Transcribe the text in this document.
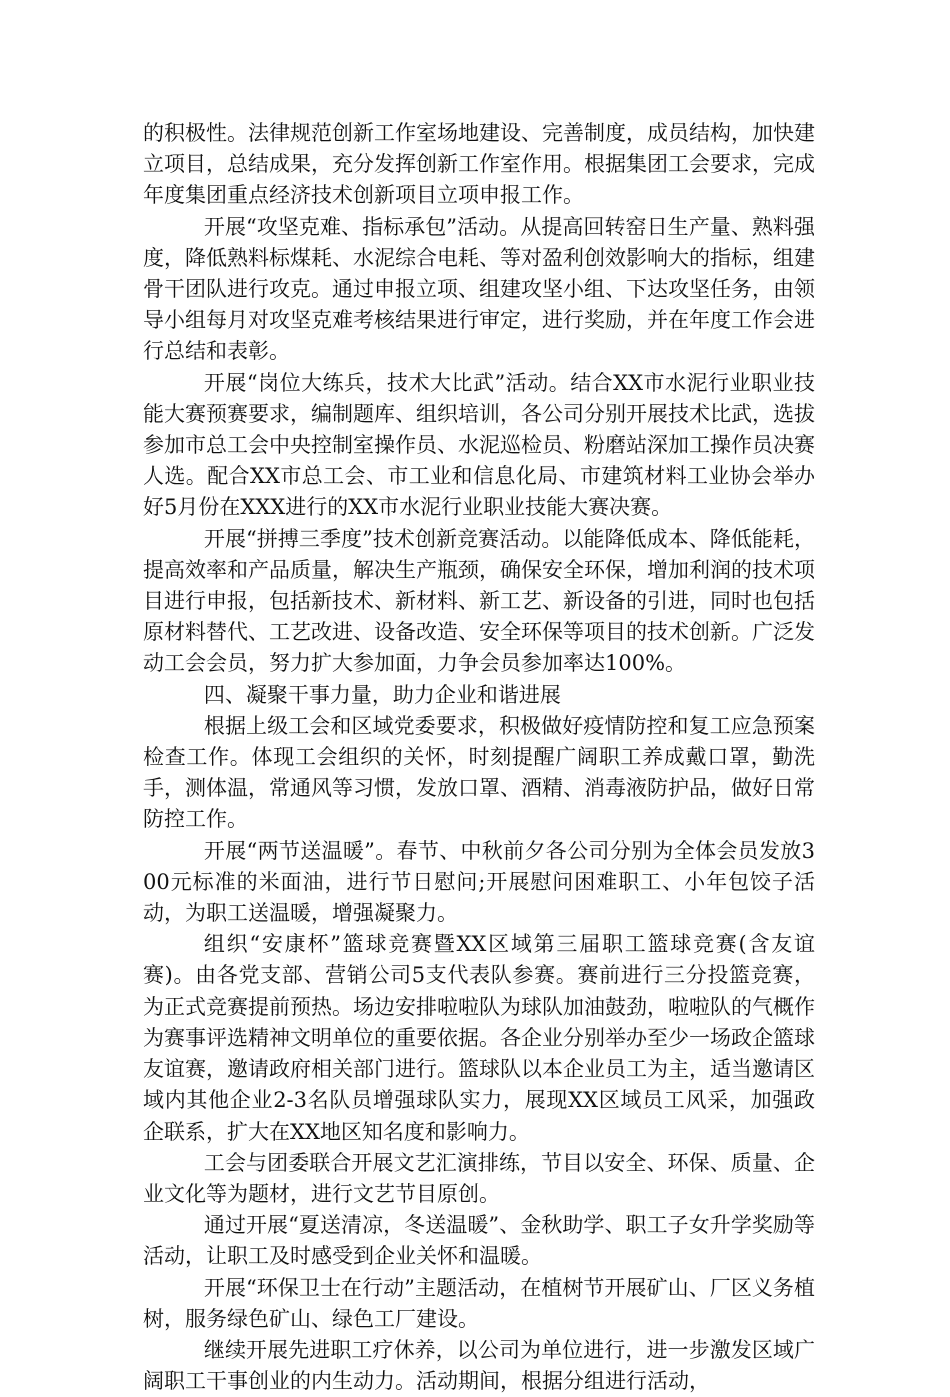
的积极性。法律规范创新工作室场地建设、完善制度，成员结构，加快建立项目，总结成果，充分发挥创新工作室作用。根据集团工会要求，完成年度集团重点经济技术创新项目立项申报工作。

开展“攻坚克难、指标承包”活动。从提高回转窑日生产量、熟料强度，降低熟料标煤耗、水泥综合电耗、等对盈利创效影响大的指标，组建骨干团队进行攻克。通过申报立项、组建攻坚小组、下达攻坚任务，由领导小组每月对攻坚克难考核结果进行审定，进行奖励，并在年度工作会进行总结和表彰。

开展“岗位大练兵，技术大比武”活动。结合XX市水泥行业职业技能大赛预赛要求，编制题库、组织培训，各公司分别开展技术比武，选拔参加市总工会中央控制室操作员、水泥巡检员、粉磨站深加工操作员决赛人选。配合XX市总工会、市工业和信息化局、市建筑材料工业协会举办好5月份在XXX进行的XX市水泥行业职业技能大赛决赛。

开展“拼搏三季度”技术创新竞赛活动。以能降低成本、降低能耗，提高效率和产品质量，解决生产瓶颈，确保安全环保，增加利润的技术项目进行申报，包括新技术、新材料、新工艺、新设备的引进，同时也包括原材料替代、工艺改进、设备改造、安全环保等项目的技术创新。广泛发动工会会员，努力扩大参加面，力争会员参加率达100%。

四、凝聚干事力量，助力企业和谐进展

根据上级工会和区域党委要求，积极做好疫情防控和复工应急预案检查工作。体现工会组织的关怀，时刻提醒广阔职工养成戴口罩，勤洗手，测体温，常通风等习惯，发放口罩、酒精、消毒液防护品，做好日常防控工作。

开展“两节送温暖”。春节、中秋前夕各公司分别为全体会员发放300元标准的米面油，进行节日慰问;开展慰问困难职工、小年包饺子活动，为职工送温暖，增强凝聚力。

组织“安康杯”篮球竞赛暨XX区域第三届职工篮球竞赛(含友谊赛)。由各党支部、营销公司5支代表队参赛。赛前进行三分投篮竞赛，为正式竞赛提前预热。场边安排啦啦队为球队加油鼓劲，啦啦队的气概作为赛事评选精神文明单位的重要依据。各企业分别举办至少一场政企篮球友谊赛，邀请政府相关部门进行。篮球队以本企业员工为主，适当邀请区域内其他企业2-3名队员增强球队实力，展现XX区域员工风采，加强政企联系，扩大在XX地区知名度和影响力。

工会与团委联合开展文艺汇演排练，节目以安全、环保、质量、企业文化等为题材，进行文艺节目原创。

通过开展“夏送清凉，冬送温暖”、金秋助学、职工子女升学奖励等活动，让职工及时感受到企业关怀和温暖。

开展“环保卫士在行动”主题活动，在植树节开展矿山、厂区义务植树，服务绿色矿山、绿色工厂建设。

继续开展先进职工疗休养，以公司为单位进行，进一步激发区域广阔职工干事创业的内生动力。活动期间，根据分组进行活动，
